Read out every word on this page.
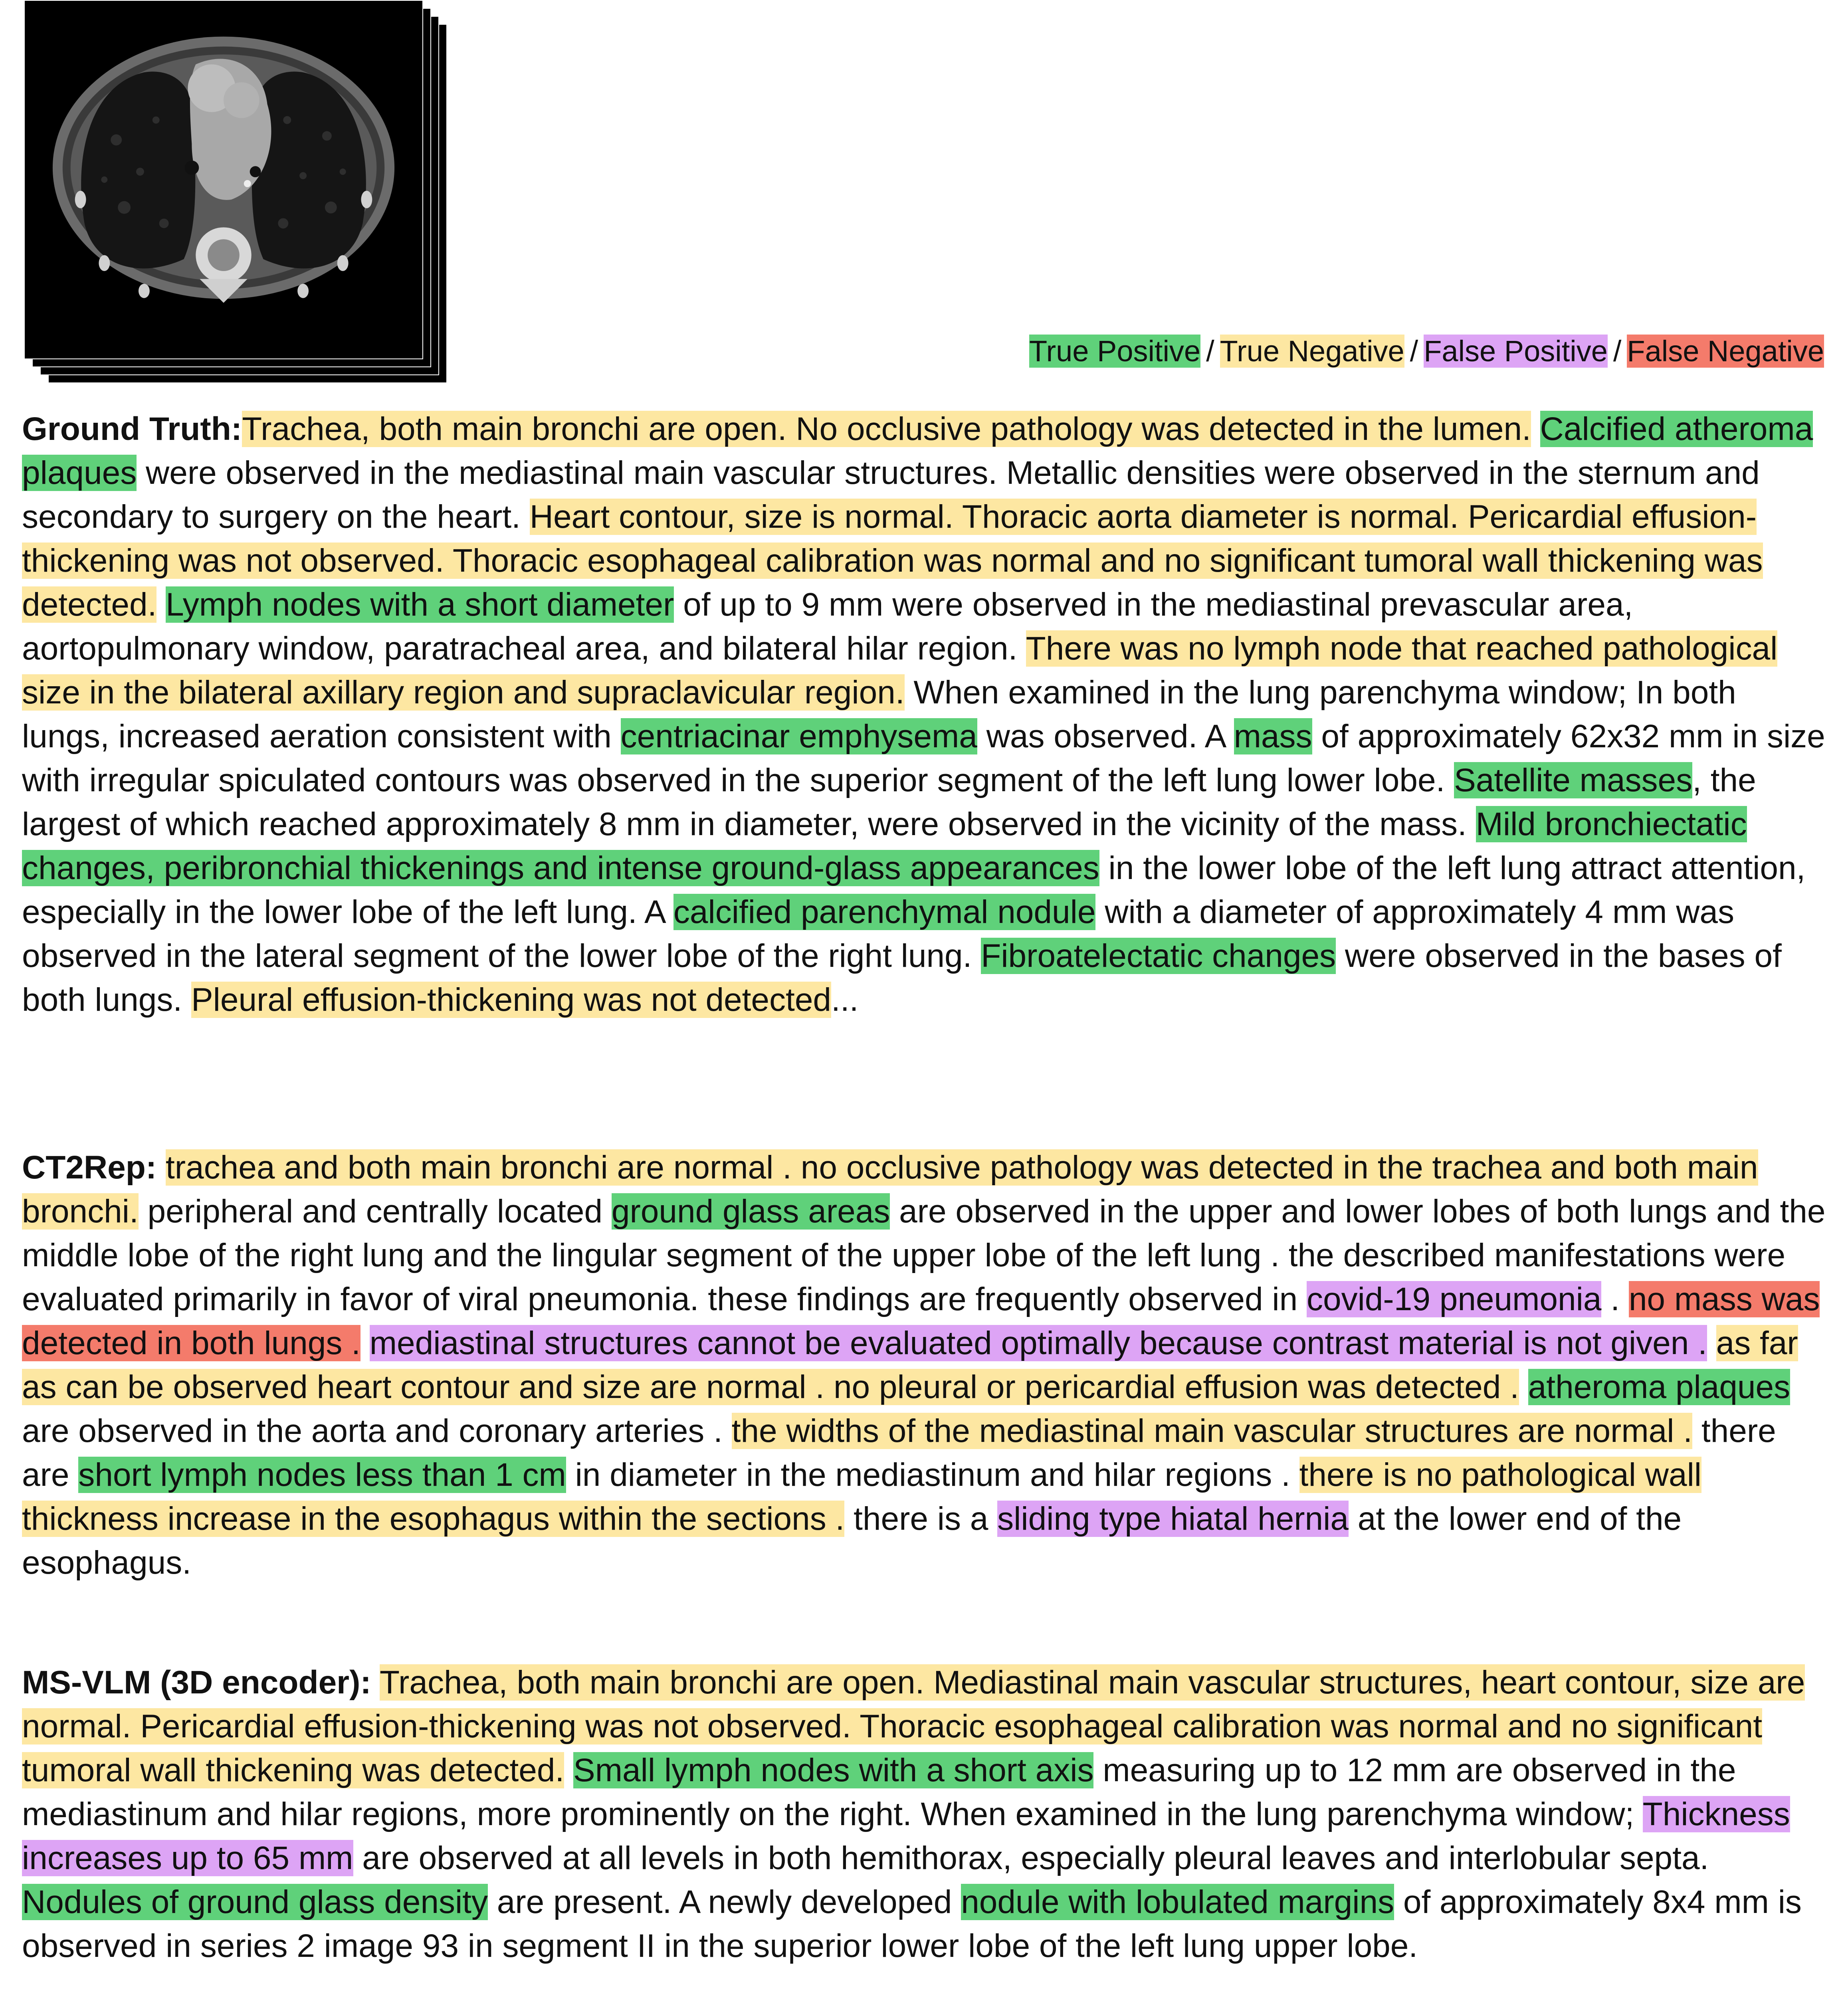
True Positive / True Negative / False Positive / False Negative
Ground Truth:Trachea, both main bronchi are open. No occlusive pathology was detected in the lumen. Calcified atheroma plaques were observed in the mediastinal main vascular structures. Metallic densities were observed in the sternum and secondary to surgery on the heart. Heart contour, size is normal. Thoracic aorta diameter is normal. Pericardial effusion-thickening was not observed. Thoracic esophageal calibration was normal and no significant tumoral wall thickening was detected. Lymph nodes with a short diameter of up to 9 mm were observed in the mediastinal prevascular area, aortopulmonary window, paratracheal area, and bilateral hilar region. There was no lymph node that reached pathological size in the bilateral axillary region and supraclavicular region. When examined in the lung parenchyma window; In both lungs, increased aeration consistent with centriacinar emphysema was observed. A mass of approximately 62x32 mm in size with irregular spiculated contours was observed in the superior segment of the left lung lower lobe. Satellite masses, the largest of which reached approximately 8 mm in diameter, were observed in the vicinity of the mass. Mild bronchiectatic changes, peribronchial thickenings and intense ground-glass appearances in the lower lobe of the left lung attract attention, especially in the lower lobe of the left lung. A calcified parenchymal nodule with a diameter of approximately 4 mm was observed in the lateral segment of the lower lobe of the right lung. Fibroatelectatic changes were observed in the bases of both lungs. Pleural effusion-thickening was not detected...
CT2Rep: trachea and both main bronchi are normal . no occlusive pathology was detected in the trachea and both main bronchi. peripheral and centrally located ground glass areas are observed in the upper and lower lobes of both lungs and the middle lobe of the right lung and the lingular segment of the upper lobe of the left lung . the described manifestations were evaluated primarily in favor of viral pneumonia. these findings are frequently observed in covid-19 pneumonia . no mass was detected in both lungs . mediastinal structures cannot be evaluated optimally because contrast material is not given . as far as can be observed heart contour and size are normal . no pleural or pericardial effusion was detected . atheroma plaques are observed in the aorta and coronary arteries . the widths of the mediastinal main vascular structures are normal . there are short lymph nodes less than 1 cm in diameter in the mediastinum and hilar regions . there is no pathological wall thickness increase in the esophagus within the sections . there is a sliding type hiatal hernia at the lower end of the esophagus.
MS-VLM (3D encoder): Trachea, both main bronchi are open. Mediastinal main vascular structures, heart contour, size are normal. Pericardial effusion-thickening was not observed. Thoracic esophageal calibration was normal and no significant tumoral wall thickening was detected. Small lymph nodes with a short axis measuring up to 12 mm are observed in the mediastinum and hilar regions, more prominently on the right. When examined in the lung parenchyma window; Thickness increases up to 65 mm are observed at all levels in both hemithorax, especially pleural leaves and interlobular septa. Nodules of ground glass density are present. A newly developed nodule with lobulated margins of approximately 8x4 mm is observed in series 2 image 93 in segment II in the superior lower lobe of the left lung upper lobe.
